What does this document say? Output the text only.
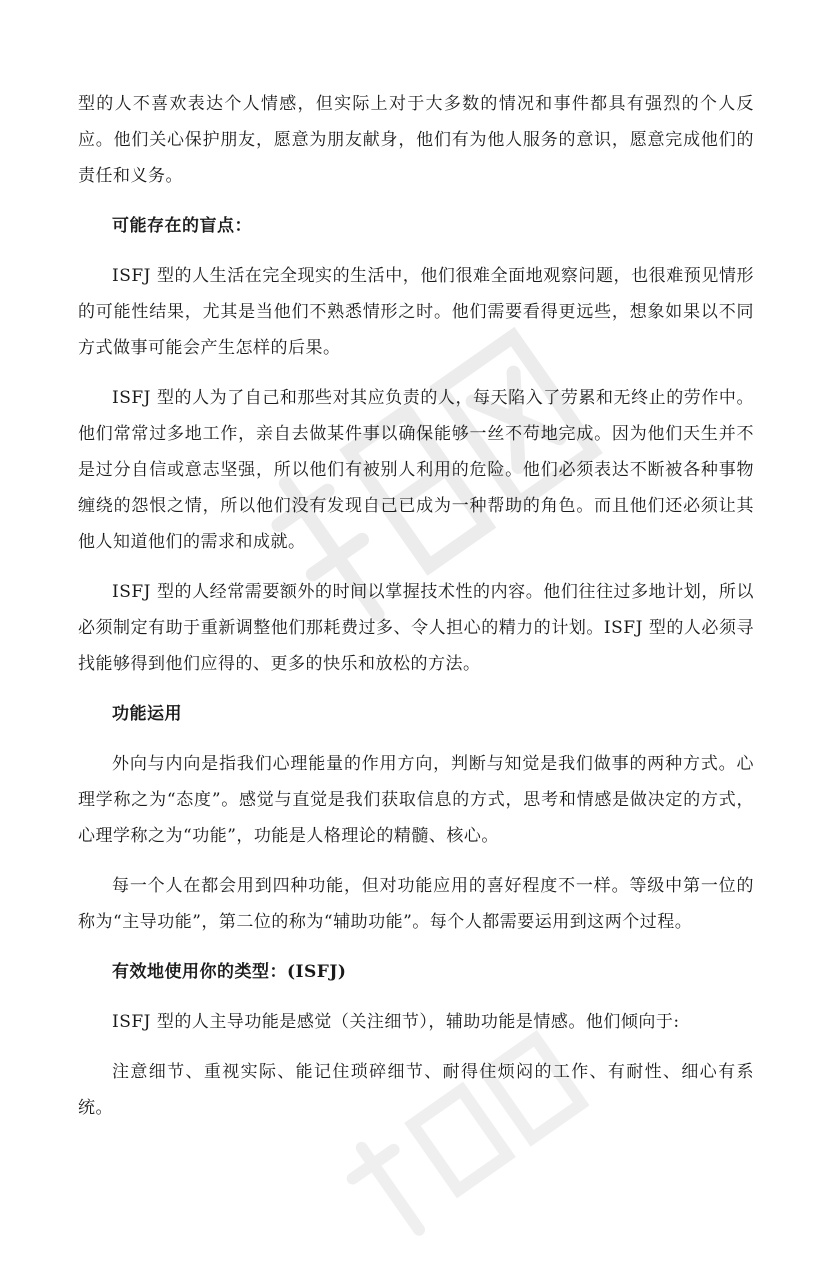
型的人不喜欢表达个人情感，但实际上对于大多数的情况和事件都具有强烈的个人反应。他们关心保护朋友，愿意为朋友献身，他们有为他人服务的意识，愿意完成他们的责任和义务。

可能存在的盲点：

ISFJ 型的人生活在完全现实的生活中，他们很难全面地观察问题，也很难预见情形的可能性结果，尤其是当他们不熟悉情形之时。他们需要看得更远些，想象如果以不同方式做事可能会产生怎样的后果。

ISFJ 型的人为了自己和那些对其应负责的人，每天陷入了劳累和无终止的劳作中。他们常常过多地工作，亲自去做某件事以确保能够一丝不苟地完成。因为他们天生并不是过分自信或意志坚强，所以他们有被别人利用的危险。他们必须表达不断被各种事物缠绕的怨恨之情，所以他们没有发现自己已成为一种帮助的角色。而且他们还必须让其他人知道他们的需求和成就。

ISFJ 型的人经常需要额外的时间以掌握技术性的内容。他们往往过多地计划，所以必须制定有助于重新调整他们那耗费过多、令人担心的精力的计划。ISFJ 型的人必须寻找能够得到他们应得的、更多的快乐和放松的方法。

功能运用

外向与内向是指我们心理能量的作用方向，判断与知觉是我们做事的两种方式。心理学称之为“态度”。感觉与直觉是我们获取信息的方式，思考和情感是做决定的方式，心理学称之为“功能”，功能是人格理论的精髓、核心。

每一个人在都会用到四种功能，但对功能应用的喜好程度不一样。等级中第一位的称为“主导功能”，第二位的称为“辅助功能”。每个人都需要运用到这两个过程。

有效地使用你的类型：(ISFJ)

ISFJ 型的人主导功能是感觉（关注细节），辅助功能是情感。他们倾向于:

注意细节、重视实际、能记住琐碎细节、耐得住烦闷的工作、有耐性、细心有系统。
